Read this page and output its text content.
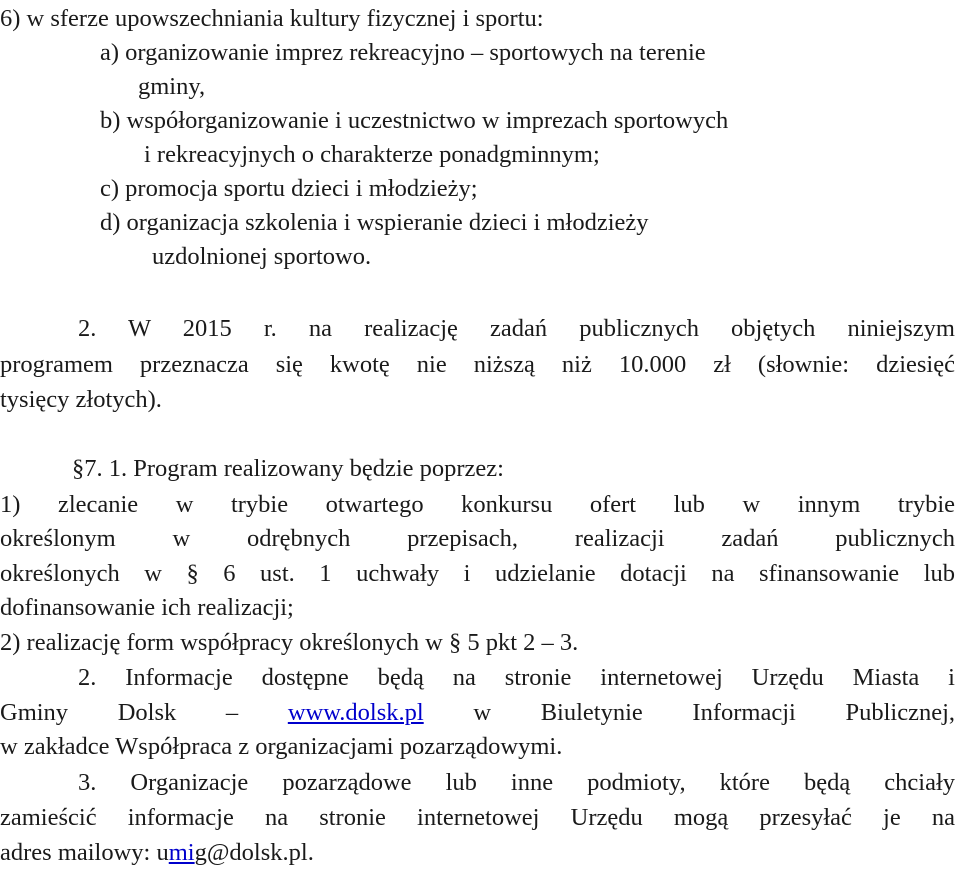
6) w sferze upowszechniania kultury fizycznej i sportu:
a) organizowanie imprez rekreacyjno – sportowych na terenie
gminy,
b) współorganizowanie i uczestnictwo w imprezach sportowych
i rekreacyjnych o charakterze ponadgminnym;
c) promocja sportu dzieci i młodzieży;
d) organizacja szkolenia i wspieranie dzieci i młodzieży
uzdolnionej sportowo.
2. W 2015 r. na realizację zadań publicznych objętych niniejszym
programem przeznacza się kwotę nie niższą niż 10.000 zł (słownie: dziesięć
tysięcy złotych).
§7. 1. Program realizowany będzie poprzez:
1) zlecanie w trybie otwartego konkursu ofert lub w innym trybie
określonym w odrębnych przepisach, realizacji zadań publicznych
określonych w § 6 ust. 1 uchwały i udzielanie dotacji na sfinansowanie lub
dofinansowanie ich realizacji;
2) realizację form współpracy określonych w § 5 pkt 2 – 3.
2. Informacje dostępne będą na stronie internetowej Urzędu Miasta i
Gminy Dolsk – www.dolsk.pl w Biuletynie Informacji Publicznej,
w zakładce Współpraca z organizacjami pozarządowymi.
3. Organizacje pozarządowe lub inne podmioty, które będą chciały
zamieścić informacje na stronie internetowej Urzędu mogą przesyłać je na
adres mailowy: umig@dolsk.pl.
